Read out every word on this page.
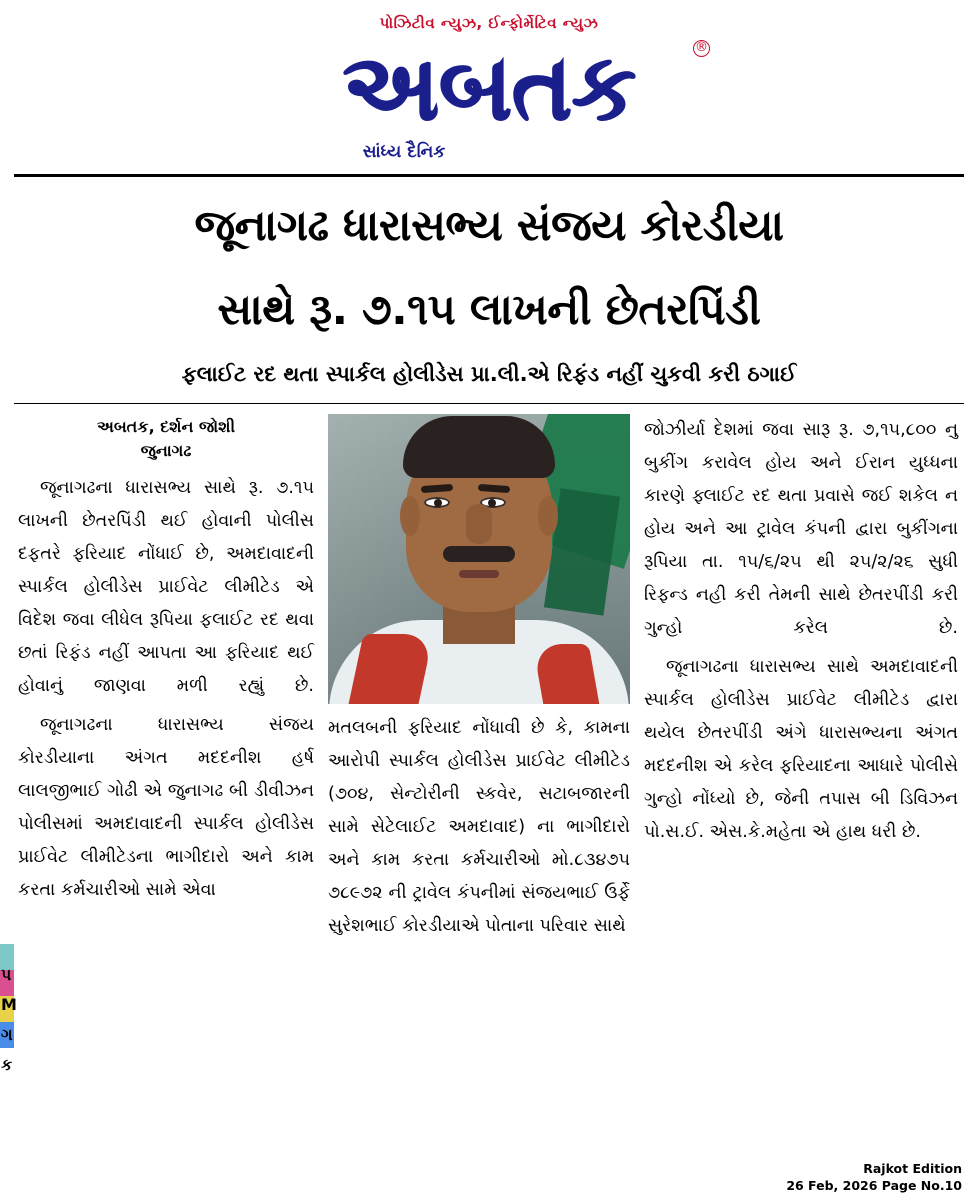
પોઝિટીવ ન્યુઝ, ઈન્ફોર્મેટિવ ન્યુઝ
અબતક	®
સાંધ્ય દૈનિક
જૂનાગઢ ધારાસભ્ય સંજય કોરડીયા
સાથે રૂ. ૭.૧૫ લાખની છેતરપિંડી
ફલાઈટ રદ થતા સ્પાર્કલ હોલીડેસ પ્રા.લી.એ રિફંડ નહીં ચુકવી કરી ઠગાઈ
અબતક, દર્શન જોશી
જુનાગઢ

જૂનાગઢના ધારાસભ્ય સાથે રૂ. ૭.૧૫ લાખની છેતરપિંડી થઈ હોવાની પોલીસ દફતરે ફરિયાદ નોંધાઈ છે, અમદાવાદની સ્પાર્કલ હોલીડેસ પ્રાઈવેટ લીમીટેડ એ વિદેશ જવા લીધેલ રૂપિયા ફલાઈટ રદ થવા છતાં રિફંડ નહીં આપતા આ ફરિયાદ થઈ હોવાનું જાણવા મળી રહ્યું છે.

જૂનાગઢના ધારાસભ્ય સંજય કોરડીયાના અંગત મદદનીશ હર્ષ લાલજીભાઈ ગોઢી એ જુનાગઢ બી ડીવીઝન પોલીસમાં અમદાવાદની સ્પાર્કલ હોલીડેસ પ્રાઈવેટ લીમીટેડના ભાગીદારો અને કામ કરતા કર્મચારીઓ સામે એવા

મતલબની ફરિયાદ નોંધાવી છે કે, કામના આરોપી સ્પાર્કલ હોલીડેસ પ્રાઈવેટ લીમીટેડ (૭૦૪, સેન્ટોરીની સ્કવેર, સટાબજારની સામે સેટેલાઈટ અમદાવાદ) ના ભાગીદારો અને કામ કરતા કર્મચારીઓ મો.૮૩૪૭૫ ૭૮૯૭૨ ની ટ્રાવેલ કંપનીમાં સંજયભાઈ ઉર્ફે સુરેશભાઈ કોરડીયાએ પોતાના પરિવાર સાથે

જોઝીર્યા દેશમાં જવા સારૂ રૂ. ૭,૧૫,૮૦૦ નુ બુકીંગ કરાવેલ હોય અને ઈરાન યુધ્ધના કારણે ફ્લાઈટ રદ થતા પ્રવાસે જઈ શકેલ ન હોય અને આ ટ્રાવેલ કંપની દ્વારા બુકીંગના રૂપિયા તા. ૧૫/૬/૨૫ થી ૨૫/૨/૨૬ સુધી રિફન્ડ નહી કરી તેમની સાથે છેતરપીંડી કરી ગુન્હો કરેલ છે.

જૂનાગઢના ધારાસભ્ય સાથે અમદાવાદની સ્પાર્કલ હોલીડેસ પ્રાઈવેટ લીમીટેડ દ્વારા થયેલ છેતરપીંડી અંગે ધારાસભ્યના અંગત મદદનીશ એ કરેલ ફરિયાદના આધારે પોલીસે ગુન્હો નોંધ્યો છે, જેની તપાસ બી ડિવિઝન પો.સ.ઈ. એસ.કે.મહેતા એ હાથ ધરી છે.

પ
M
ગ
ક
Rajkot Edition
26 Feb, 2026 Page No.10
